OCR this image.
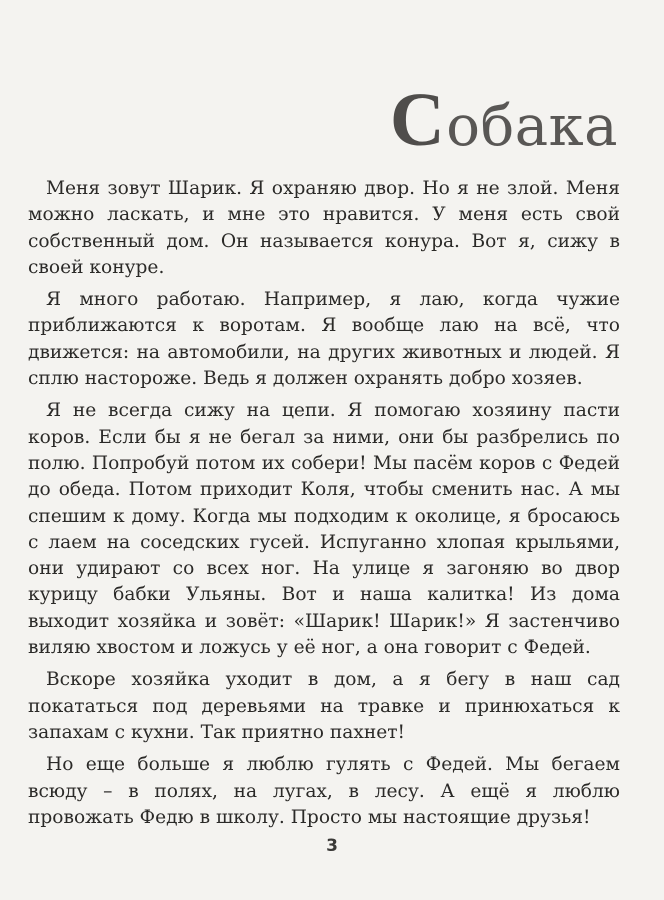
Собака

Меня зовут Шарик. Я охраняю двор. Но я не злой. Меня можно ласкать, и мне это нравится. У меня есть свой собственный дом. Он называется конура. Вот я, сижу в своей конуре.

Я много работаю. Например, я лаю, когда чужие приближаются к воротам. Я вообще лаю на всё, что движется: на автомобили, на других животных и людей. Я сплю настороже. Ведь я должен охранять добро хозяев.

Я не всегда сижу на цепи. Я помогаю хозяину пасти коров. Если бы я не бегал за ними, они бы разбрелись по полю. Попробуй потом их собери! Мы пасём коров с Федей до обеда. Потом приходит Коля, чтобы сменить нас. А мы спешим к дому. Когда мы подходим к околице, я бросаюсь с лаем на соседских гусей. Испуганно хлопая крыльями, они удирают со всех ног. На улице я загоняю во двор курицу бабки Ульяны. Вот и наша калитка! Из дома выходит хозяйка и зовёт: «Шарик! Шарик!» Я застенчиво виляю хвостом и ложусь у её ног, а она говорит с Федей.

Вскоре хозяйка уходит в дом, а я бегу в наш сад покататься под деревьями на травке и принюхаться к запахам с кухни. Так приятно пахнет!

Но еще больше я люблю гулять с Федей. Мы бегаем всюду – в полях, на лугах, в лесу. А ещё я люблю провожать Федю в школу. Просто мы настоящие друзья!

3
